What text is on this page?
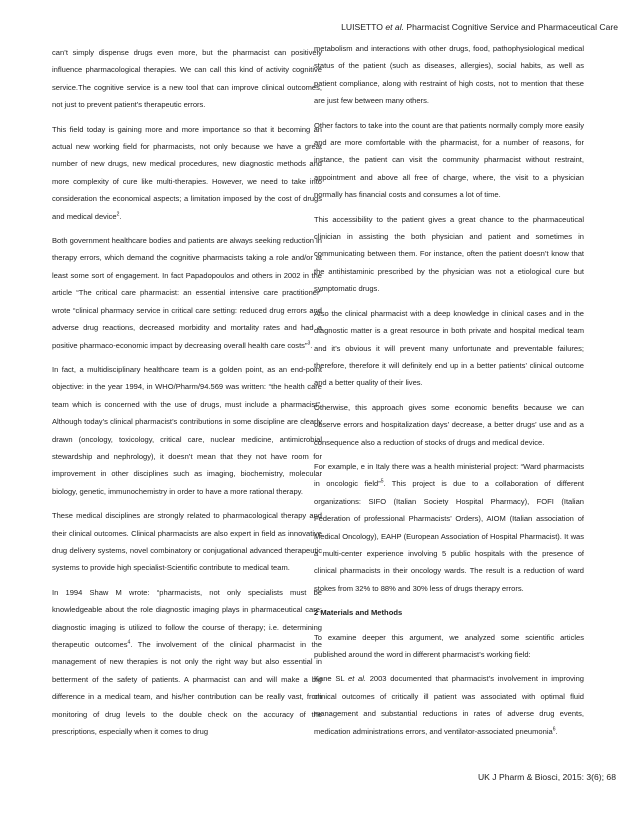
LUISETTO et al. Pharmacist Cognitive Service and Pharmaceutical Care

can’t simply dispense drugs even more, but the pharmacist can positively influence pharmacological therapies. We can call this kind of activity cognitive service.The cognitive service is a new tool that can improve clinical outcomes, not just to prevent patient’s therapeutic errors.

This field today is gaining more and more importance so that it becoming an actual new working field for pharmacists, not only because we have a great number of new drugs, new medical procedures, new diagnostic methods and more complexity of cure like multi-therapies. However, we need to take into consideration the economical aspects; a limitation imposed by the cost of drugs and medical device$^2$.

Both government healthcare bodies and patients are always seeking reduction in therapy errors, which demand the cognitive pharmacists taking a role and/or at least some sort of engagement. In fact Papadopoulos and others in 2002 in the article “The critical care pharmacist: an essential intensive care practitioner” wrote “clinical pharmacy service in critical care setting: reduced drug errors and adverse drug reactions, decreased morbidity and mortality rates and had a positive pharmaco-economic impact by decreasing overall health care costs”$^3$.

In fact, a multidisciplinary healthcare team is a golden point, as an end-point objective: in the year 1994, in WHO/Pharm/94.569 was written: “the health care team which is concerned with the use of drugs, must include a pharmacist”. Although today’s clinical pharmacist’s contributions in some discipline are clearly drawn (oncology, toxicology, critical care, nuclear medicine, antimicrobial stewardship and nephrology), it doesn’t mean that they not have room for improvement in other disciplines such as imaging, biochemistry, molecular biology, genetic, immunochemistry in order to have a more rational therapy.

These medical disciplines are strongly related to pharmacological therapy and their clinical outcomes. Clinical pharmacists are also expert in field as innovative drug delivery systems, novel combinatory or conjugational advanced therapeutic systems to provide high specialist-Scientific contribute to medical team.

In 1994 Shaw M wrote: “pharmacists, not only specialists must be knowledgeable about the role diagnostic imaging plays in pharmaceutical care; diagnostic imaging is utilized to follow the course of therapy; i.e. determining therapeutic outcomes$^4$. The involvement of the clinical pharmacist in the management of new therapies is not only the right way but also essential in betterment of the safety of patients. A pharmacist can and will make a big difference in a medical team, and his/her contribution can be really vast, from monitoring of drug levels to the double check on the accuracy of the prescriptions, especially when it comes to drug

metabolism and interactions with other drugs, food, pathophysiological medical status of the patient (such as diseases, allergies), social habits, as well as patient compliance, along with restraint of high costs, not to mention that these are just few between many others.

Other factors to take into the count are that patients normally comply more easily and are more comfortable with the pharmacist, for a number of reasons, for instance, the patient can visit the community pharmacist without restraint, appointment and above all free of charge, where, the visit to a physician normally has financial costs and consumes a lot of time.

This accessibility to the patient gives a great chance to the pharmaceutical clinician in assisting the both physician and patient and sometimes in communicating between them. For instance, often the patient doesn’t know that the antihistaminic prescribed by the physician was not a etiological cure but symptomatic drugs.

Also the clinical pharmacist with a deep knowledge in clinical cases and in the diagnostic matter is a great resource in both private and hospital medical team and it’s obvious it will prevent many unfortunate and preventable failures; therefore, therefore it will definitely end up in a better patients’ clinical outcome and a better quality of their lives.

Otherwise, this approach gives some economic benefits because we can observe errors and hospitalization days’ decrease, a better drugs’ use and as a consequence also a reduction of stocks of drugs and medical device.

For example, e in Italy there was a health ministerial project: “Ward pharmacists in oncologic field”$^5$. This project is due to a collaboration of different organizations: SIFO (Italian Society Hospital Pharmacy), FOFI (Italian Federation of professional Pharmacists’ Orders), AIOM (Italian association of Medical Oncology), EAHP (European Association of Hospital Pharmacist). It was a multi-center experience involving 5 public hospitals with the presence of clinical pharmacists in their oncology wards. The result is a reduction of ward stokes from 32% to 88% and 30% less of drugs therapy errors.

2 Materials and Methods

To examine deeper this argument, we analyzed some scientific articles published around the word in different pharmacist’s working field:

Kane SL et al. 2003 documented that pharmacist’s involvement in improving clinical outcomes of critically ill patient was associated with optimal fluid management and substantial reductions in rates of adverse drug events, medication administrations errors, and ventilator-associated pneumonia$^6$.

UK J Pharm & Biosci, 2015: 3(6); 68
